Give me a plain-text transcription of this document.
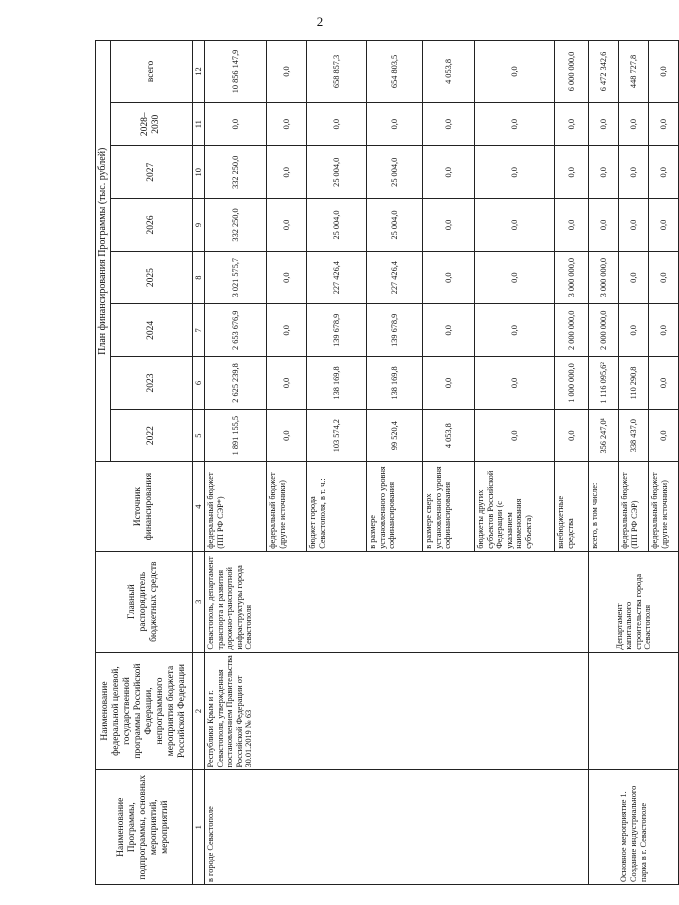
2
Наименование Программы, подпрограммы, основных мероприятий, мероприятий	Наименование федеральной целевой, государственной программы Российской Федерации, непрограммного мероприятия бюджета Российской Федерации	Главный распорядитель бюджетных средств	Источник финансирования	План финансирования Программы (тыс. рублей)							
				2022	2023	2024	2025	2026	2027	2028–2030	всего
1	2	3	4	5	6	7	8	9	10	11	12
в городе Севастополе	Республики Крым и г. Севастополя, утвержденная постановлением Правительства Российской Федерации от 30.01.2019 № 63	Севастополь, департамент транспорта и развития дорожно-транспортной инфраструктуры города Севастополя	федеральный бюджет (ПП РФ СЭР*)	1 891 155,5	2 625 239,8	2 653 676,9	3 021 575,7	332 250,0	332 250,0	0,0	10 856 147,9
			федеральный бюджет (другие источники)	0,0	0,0	0,0	0,0	0,0	0,0	0,0	0,0
			бюджет города Севастополя, в т. ч.:	103 574,2	138 169,8	139 678,9	227 426,4	25 004,0	25 004,0	0,0	658 857,3
			в размере установленного уровня софинансирования	99 520,4	138 169,8	139 678,9	227 426,4	25 004,0	25 004,0	0,0	654 803,5
			в размере сверх установленного уровня софинансирования	4 053,8	0,0	0,0	0,0	0,0	0,0	0,0	4 053,8
			бюджеты других субъектов Российской Федерации (с указанием наименования субъекта)	0,0	0,0	0,0	0,0	0,0	0,0	0,0	0,0
			внебюджетные средства	0,0	1 000 000,0	2 000 000,0	3 000 000,0	0,0	0,0	0,0	6 000 000,0
Основное мероприятие 1. Создание индустриального парка в г. Севастополе		Департамент капитального строительства города Севастополя	всего, в том числе:	356 247,0¹	1 116 095,6²	2 000 000,0	3 000 000,0	0,0	0,0	0,0	6 472 342,6
			федеральный бюджет (ПП РФ СЭР)	338 437,0	110 290,8	0,0	0,0	0,0	0,0	0,0	448 727,8
			федеральный бюджет (другие источники)	0,0	0,0	0,0	0,0	0,0	0,0	0,0	0,0
